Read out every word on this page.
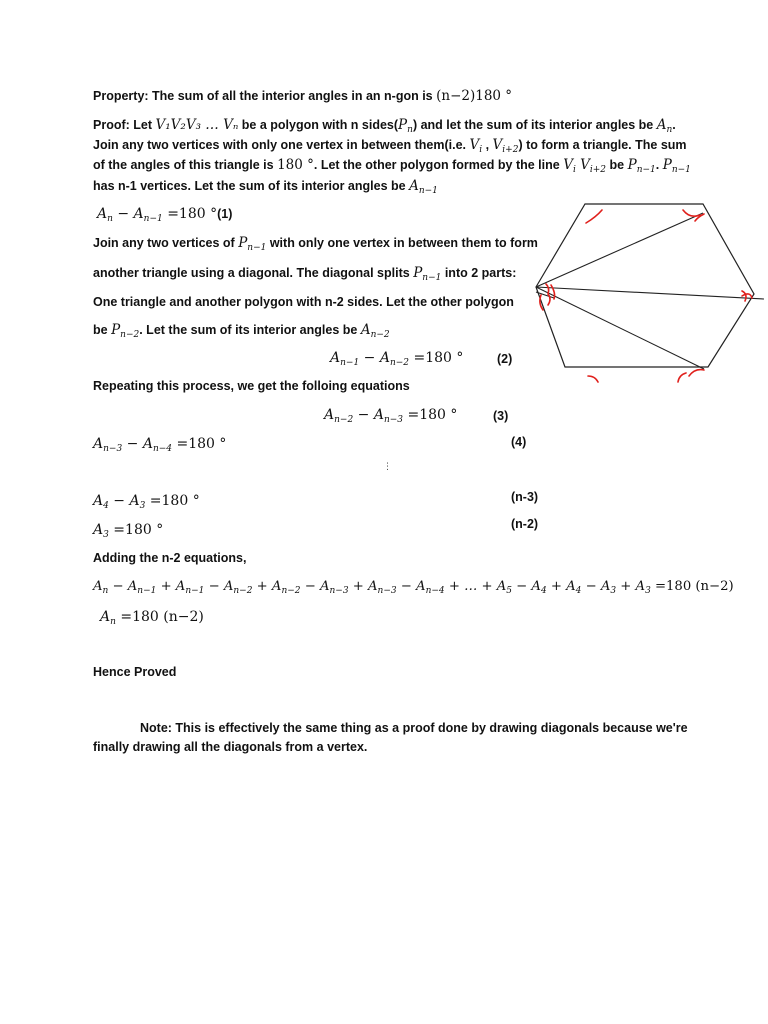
Property: The sum of all the interior angles in an n-gon is (n−2)180 °
Proof: Let V₁V₂V₃ … Vₙ be a polygon with n $sides(P_n)$ and let the sum of its interior angles be $A_n$.
Join any two vertices with only one vertex in between them(i.e. $V_i$ , $V_{i+2}$) to form a triangle. The sum
of the angles of this triangle is 180 °. Let the other polygon formed by the line $V_i$ $V_{i+2}$ be $P_{n-1}$. $P_{n-1}$
has n-1 vertices. Let the sum of its interior angles be $A_{n-1}$
$A_n - A_{n-1} =180$ °(1)
Join any two vertices of $P_{n-1}$ with only one vertex in between them to form
another triangle using a diagonal. The diagonal splits $P_{n-1}$ into 2 parts:
One triangle and another polygon with n-2 sides. Let the other polygon
be $P_{n-2}$. Let the sum of its interior angles be $A_{n-2}$
$A_{n-1} - A_{n-2} =180$ °	(2)
Repeating this process, we get the folloing equations
$A_{n-2} - A_{n-3} =180$ °	(3)
$A_{n-3} - A_{n-4} =180$ °	(4)
⋮
$A_4 - A_3 =180$ °	(n-3)
$A_3 =180$ °	(n-2)
Adding the n-2 equations,
$A_n - A_{n-1} + A_{n-1} - A_{n-2} + A_{n-2} - A_{n-3} + A_{n-3} - A_{n-4}$ + … + $A_5 - A_4 + A_4 - A_3 + A_3 =180$ (n−2)
$A_n =180$ (n−2)
Hence Proved
Note: This is effectively the same thing as a proof done by drawing diagonals because we're
finally drawing all the diagonals from a vertex.
